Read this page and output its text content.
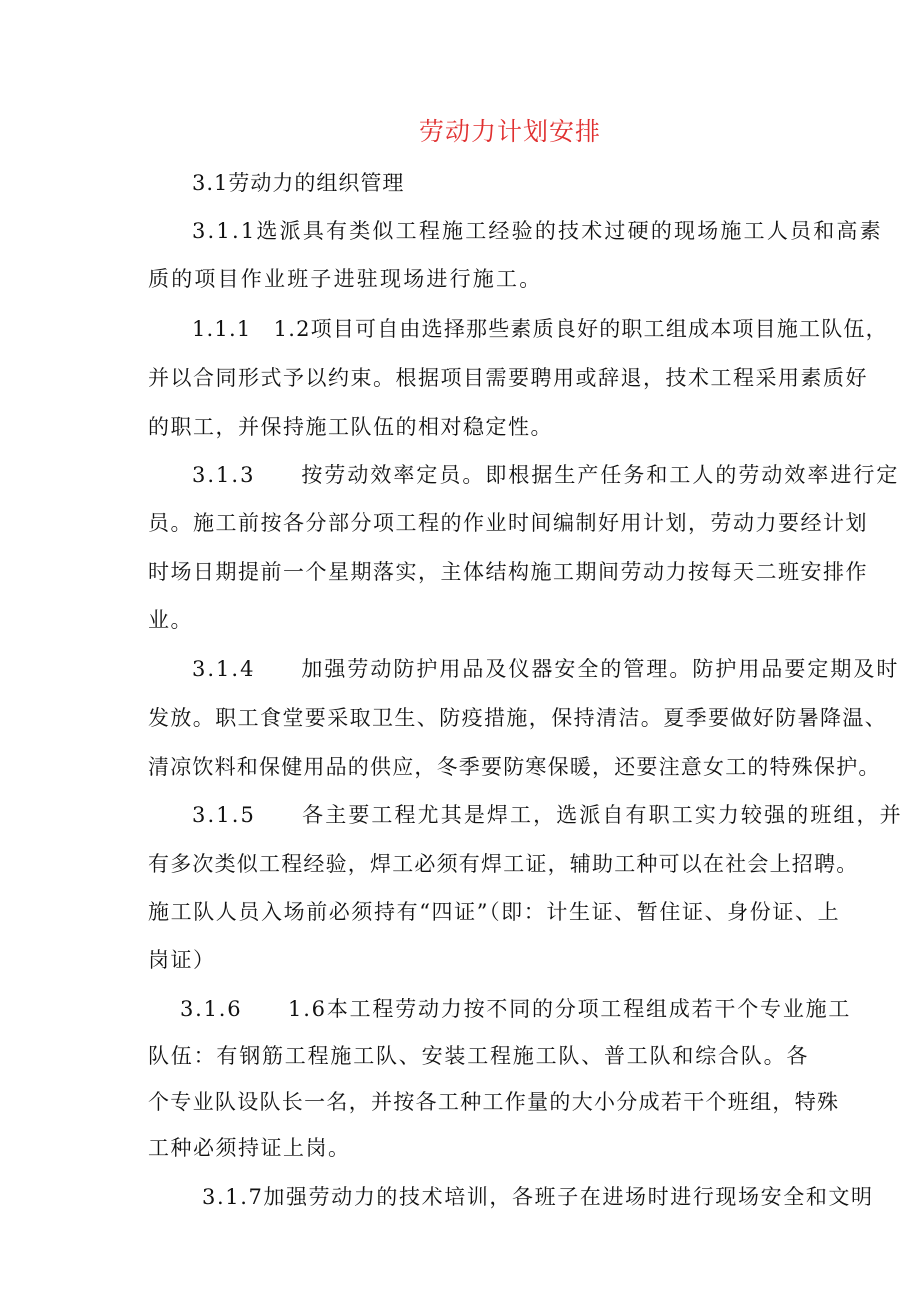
劳动力计划安排
3.1劳动力的组织管理
3.1.1选派具有类似工程施工经验的技术过硬的现场施工人员和高素
质的项目作业班子进驻现场进行施工。
1.1.1　1.2项目可自由选择那些素质良好的职工组成本项目施工队伍，
并以合同形式予以约束。根据项目需要聘用或辞退，技术工程采用素质好
的职工，并保持施工队伍的相对稳定性。
3.1.3　　按劳动效率定员。即根据生产任务和工人的劳动效率进行定
员。施工前按各分部分项工程的作业时间编制好用计划，劳动力要经计划
时场日期提前一个星期落实，主体结构施工期间劳动力按每天二班安排作
业。
3.1.4　　加强劳动防护用品及仪器安全的管理。防护用品要定期及时
发放。职工食堂要采取卫生、防疫措施，保持清洁。夏季要做好防暑降温、
清凉饮料和保健用品的供应，冬季要防寒保暖，还要注意女工的特殊保护。
3.1.5　　各主要工程尤其是焊工，选派自有职工实力较强的班组，并
有多次类似工程经验，焊工必须有焊工证，辅助工种可以在社会上招聘。
施工队人员入场前必须持有“四证”（即：计生证、暂住证、身份证、上
岗证）
3.1.6　　1.6本工程劳动力按不同的分项工程组成若干个专业施工
队伍：有钢筋工程施工队、安装工程施工队、普工队和综合队。各
个专业队设队长一名，并按各工种工作量的大小分成若干个班组，特殊
工种必须持证上岗。
3.1.7加强劳动力的技术培训，各班子在进场时进行现场安全和文明
